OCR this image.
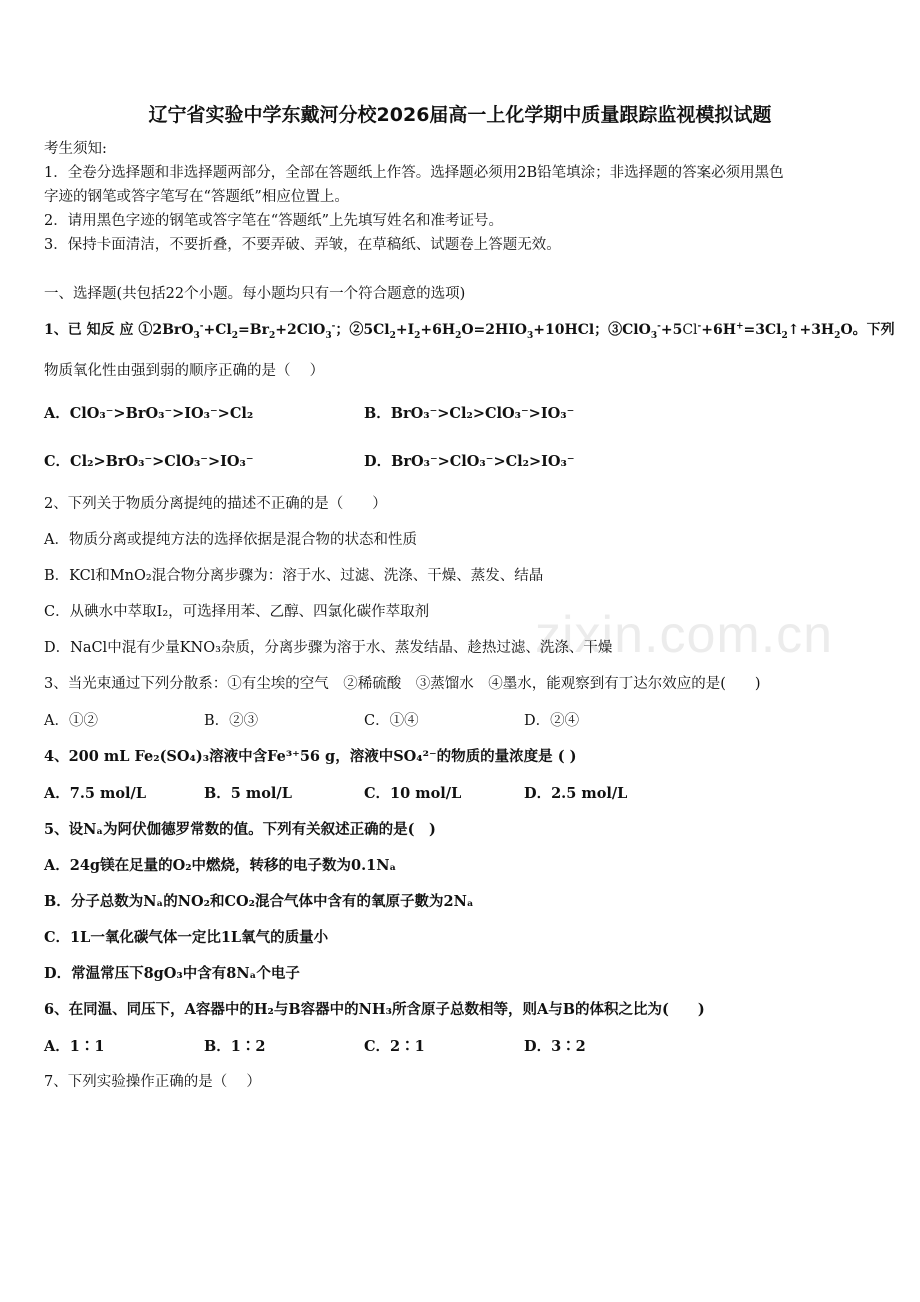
zixin.com.cn
辽宁省实验中学东戴河分校2026届高一上化学期中质量跟踪监视模拟试题
考生须知:
1．全卷分选择题和非选择题两部分，全部在答题纸上作答。选择题必须用2B铅笔填涂；非选择题的答案必须用黑色
字迹的钢笔或答字笔写在“答题纸”相应位置上。
2．请用黑色字迹的钢笔或答字笔在“答题纸”上先填写姓名和准考证号。
3．保持卡面清洁，不要折叠，不要弄破、弄皱，在草稿纸、试题卷上答题无效。
一、选择题(共包括22个小题。每小题均只有一个符合题意的选项)
1、已 知反 应 $①2BrO_3^-+Cl_2=Br_2+2ClO_3^-$；$②5Cl_2+I_2+6H_2O=2HIO_3+10HCl$；$③ClO_3^-+5Cl^-+6H^+=3Cl_2↑+3H_2O$。下列
物质氧化性由强到弱的顺序正确的是（　 ）
A．ClO₃⁻>BrO₃⁻>IO₃⁻>Cl₂	B．BrO₃⁻>Cl₂>ClO₃⁻>IO₃⁻
C．Cl₂>BrO₃⁻>ClO₃⁻>IO₃⁻	D．BrO₃⁻>ClO₃⁻>Cl₂>IO₃⁻
2、下列关于物质分离提纯的描述不正确的是（　　）
A．物质分离或提纯方法的选择依据是混合物的状态和性质
B．KCl和MnO₂混合物分离步骤为：溶于水、过滤、洗涤、干燥、蒸发、结晶
C．从碘水中萃取I₂，可选择用苯、乙醇、四氯化碳作萃取剂
D．NaCl中混有少量KNO₃杂质，分离步骤为溶于水、蒸发结晶、趁热过滤、洗涤、干燥
3、当光束通过下列分散系：①有尘埃的空气　②稀硫酸　③蒸馏水　④墨水，能观察到有丁达尔效应的是(　　)
A．①②	B．②③	C．①④	D．②④
4、200 mL Fe₂(SO₄)₃溶液中含Fe³⁺56 g，溶液中SO₄²⁻的物质的量浓度是 ( )
A．7.5 mol/L	B．5 mol/L	C．10 mol/L	D．2.5 mol/L
5、设Nₐ为阿伏伽德罗常数的值。下列有关叙述正确的是(　)
A．24g镁在足量的O₂中燃烧，转移的电子数为0.1Nₐ
B．分子总数为Nₐ的NO₂和CO₂混合气体中含有的氧原子數为2Nₐ
C．1L一氧化碳气体一定比1L氧气的质量小
D．常温常压下8gO₃中含有8Nₐ个电子
6、在同温、同压下，A容器中的H₂与B容器中的NH₃所含原子总数相等，则A与B的体积之比为(　　)
A．1∶1	B．1∶2	C．2∶1	D．3∶2
7、下列实验操作正确的是（　 ）
